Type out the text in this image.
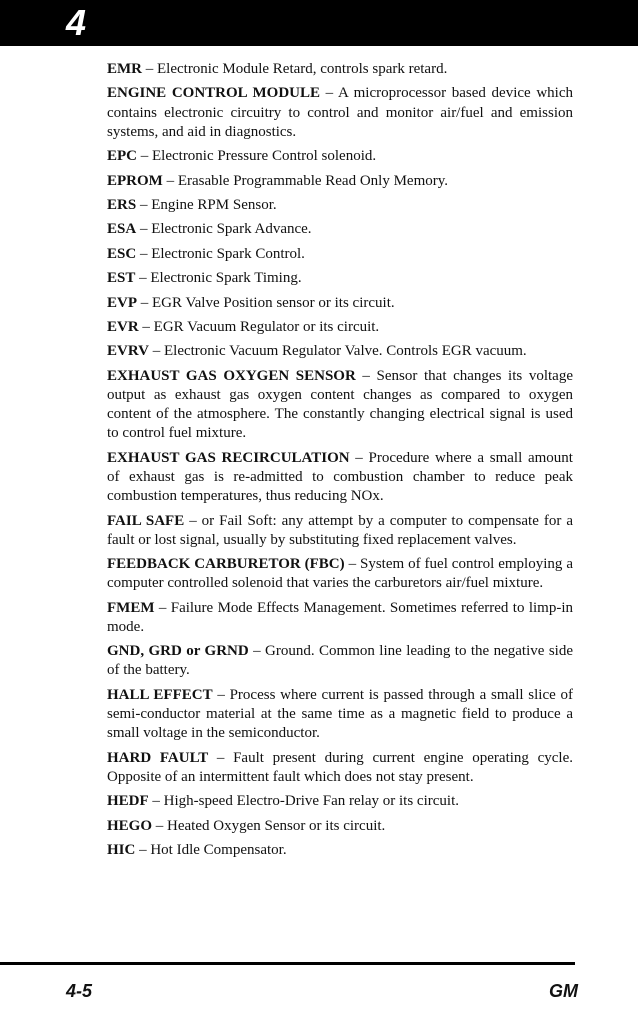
4

EMR – Electronic Module Retard, controls spark retard.

ENGINE CONTROL MODULE – A microprocessor based device which contains electronic circuitry to control and monitor air/fuel and emission systems, and aid in diagnostics.

EPC – Electronic Pressure Control solenoid.

EPROM – Erasable Programmable Read Only Memory.

ERS – Engine RPM Sensor.

ESA – Electronic Spark Advance.

ESC – Electronic Spark Control.

EST – Electronic Spark Timing.

EVP – EGR Valve Position sensor or its circuit.

EVR – EGR Vacuum Regulator or its circuit.

EVRV – Electronic Vacuum Regulator Valve. Controls EGR vacuum.

EXHAUST GAS OXYGEN SENSOR – Sensor that changes its voltage output as exhaust gas oxygen content changes as compared to oxygen content of the atmosphere. The constantly changing electrical signal is used to control fuel mixture.

EXHAUST GAS RECIRCULATION – Procedure where a small amount of exhaust gas is re-admitted to combustion chamber to reduce peak combustion temperatures, thus reducing NOx.

FAIL SAFE – or Fail Soft: any attempt by a computer to compensate for a fault or lost signal, usually by substituting fixed replacement valves.

FEEDBACK CARBURETOR (FBC) – System of fuel control employing a computer controlled solenoid that varies the carburetors air/fuel mixture.

FMEM – Failure Mode Effects Management. Sometimes referred to limp-in mode.

GND, GRD or GRND – Ground. Common line leading to the negative side of the battery.

HALL EFFECT – Process where current is passed through a small slice of semi-conductor material at the same time as a magnetic field to produce a small voltage in the semiconductor.

HARD FAULT – Fault present during current engine operating cycle. Opposite of an intermittent fault which does not stay present.

HEDF – High-speed Electro-Drive Fan relay or its circuit.

HEGO – Heated Oxygen Sensor or its circuit.

HIC – Hot Idle Compensator.

4-5	GM
